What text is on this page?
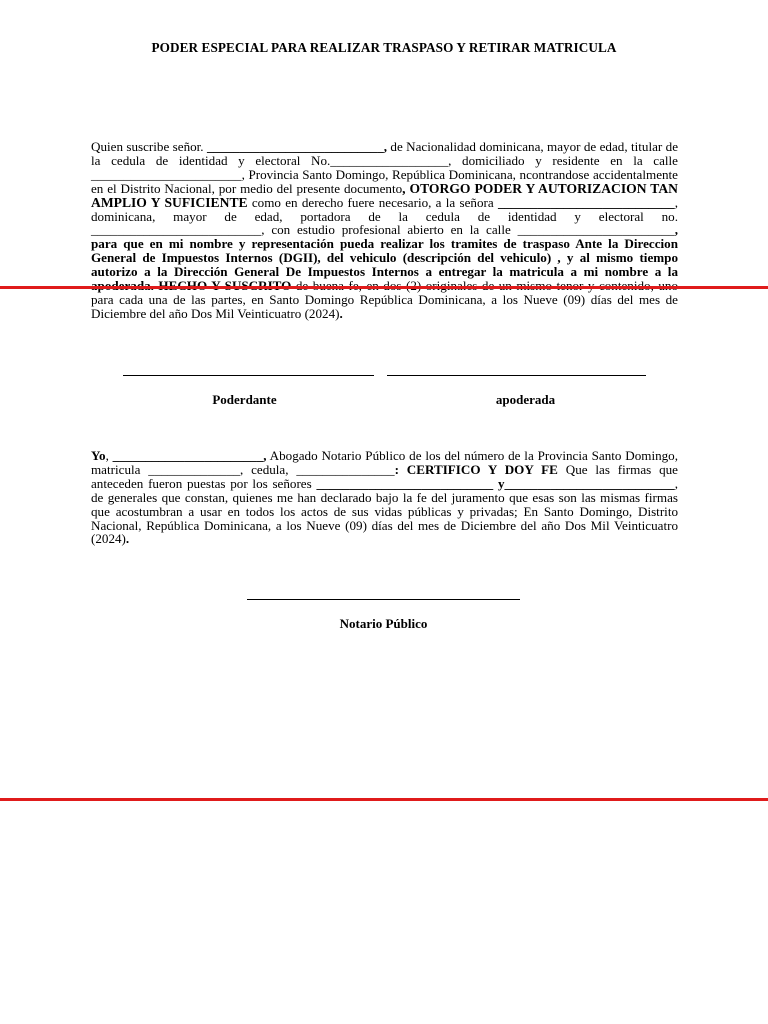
PODER ESPECIAL PARA REALIZAR TRASPASO Y RETIRAR MATRICULA
Quien suscribe señor. ___________________________, de Nacionalidad dominicana, mayor de edad, titular de la cedula de identidad y electoral No.__________________, domiciliado y residente en la calle _______________________, Provincia Santo Domingo, República Dominicana, ncontrandose accidentalmente en el Distrito Nacional, por medio del presente documento, OTORGO PODER Y AUTORIZACION TAN AMPLIO Y SUFICIENTE como en derecho fuere necesario, a la señora ___________________________, dominicana, mayor de edad, portadora de la cedula de identidad y electoral no. __________________________, con estudio profesional abierto en la calle ________________________, para que en mi nombre y representación pueda realizar los tramites de traspaso Ante la Direccion General de Impuestos Internos (DGII), del vehiculo (descripción del vehiculo) , y al mismo tiempo autorizo a la Dirección General De Impuestos Internos a entregar la matricula a mi nombre a la para cada una de las partes, en Santo Domingo República Dominicana, a los Nueve (09) días del mes de Diciembre del año Dos Mil Veinticuatro (2024).
Poderdante	apoderada
Yo, _______________________, Abogado Notario Público de los del número de la Provincia Santo Domingo, matricula ______________, cedula, _______________: CERTIFICO Y DOY FE Que las firmas que anteceden fueron puestas por los señores ___________________________ y__________________________, de generales que constan, quienes me han declarado bajo la fe del juramento que esas son las mismas firmas que acostumbran a usar en todos los actos de sus vidas públicas y privadas; En Santo Domingo, Distrito Nacional, República Dominicana, a los Nueve (09) días del mes de Diciembre del año Dos Mil Veinticuatro (2024).
Notario Público
